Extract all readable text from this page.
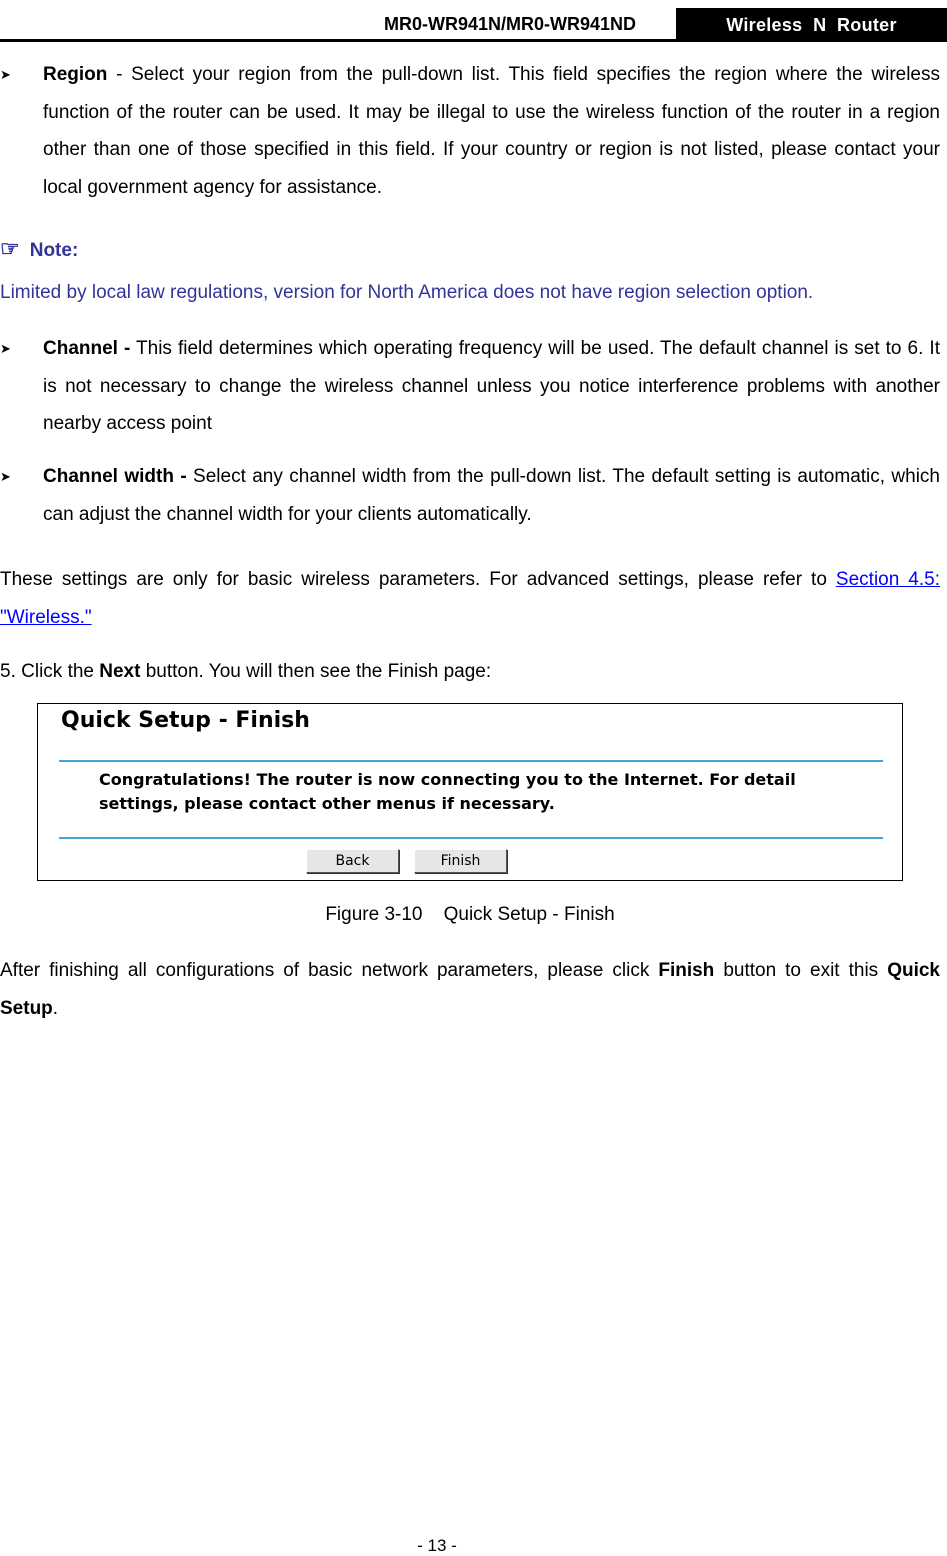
MR0-WR941N/MR0-WR941ND	Wireless  N  Router
➤ Region - Select your region from the pull-down list. This field specifies the region where the wireless function of the router can be used. It may be illegal to use the wireless function of the router in a region other than one of those specified in this field. If your country or region is not listed, please contact your local government agency for assistance.
☞ Note:
Limited by local law regulations, version for North America does not have region selection option.
➤ Channel - This field determines which operating frequency will be used. The default channel is set to 6. It is not necessary to change the wireless channel unless you notice interference problems with another nearby access point
➤ Channel width - Select any channel width from the pull-down list. The default setting is automatic, which can adjust the channel width for your clients automatically.
These settings are only for basic wireless parameters. For advanced settings, please refer to Section 4.5: "Wireless."
5. Click the Next button. You will then see the Finish page:
Quick Setup - Finish
Congratulations! The router is now connecting you to the Internet. For detail settings, please contact other menus if necessary.
Back	Finish
Figure 3-10    Quick Setup - Finish
After finishing all configurations of basic network parameters, please click Finish button to exit this Quick Setup.
- 13 -
